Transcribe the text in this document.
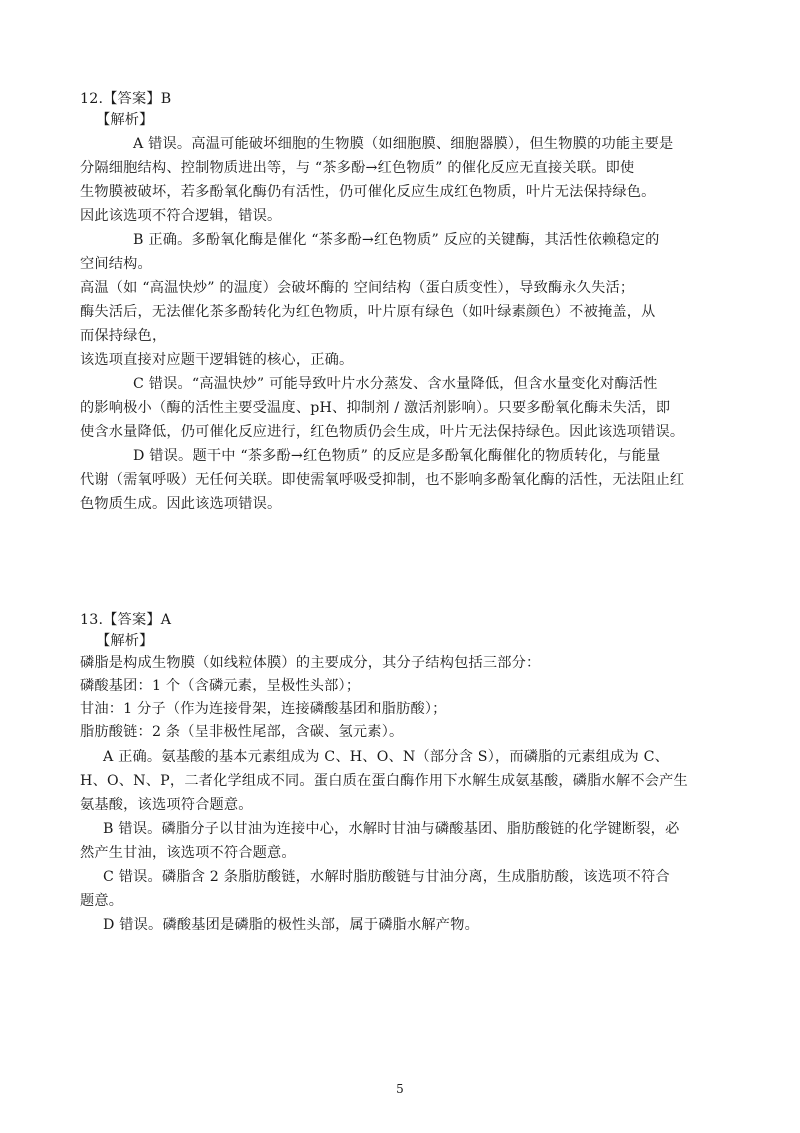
12.【答案】B
【解析】
A 错误。高温可能破坏细胞的生物膜（如细胞膜、细胞器膜），但生物膜的功能主要是
分隔细胞结构、控制物质进出等，与 “茶多酚→红色物质” 的催化反应无直接关联。即使
生物膜被破坏，若多酚氧化酶仍有活性，仍可催化反应生成红色物质，叶片无法保持绿色。
因此该选项不符合逻辑，错误。
B 正确。多酚氧化酶是催化 “茶多酚→红色物质” 反应的关键酶，其活性依赖稳定的
空间结构。
高温（如 “高温快炒” 的温度）会破坏酶的 空间结构（蛋白质变性），导致酶永久失活；
酶失活后，无法催化茶多酚转化为红色物质，叶片原有绿色（如叶绿素颜色）不被掩盖，从
而保持绿色，
该选项直接对应题干逻辑链的核心，正确。
C 错误。“高温快炒” 可能导致叶片水分蒸发、含水量降低，但含水量变化对酶活性
的影响极小（酶的活性主要受温度、pH、抑制剂 / 激活剂影响）。只要多酚氧化酶未失活，即
使含水量降低，仍可催化反应进行，红色物质仍会生成，叶片无法保持绿色。因此该选项错误。
D 错误。题干中 “茶多酚→红色物质” 的反应是多酚氧化酶催化的物质转化，与能量
代谢（需氧呼吸）无任何关联。即使需氧呼吸受抑制，也不影响多酚氧化酶的活性，无法阻止红
色物质生成。因此该选项错误。
13.【答案】A
【解析】
磷脂是构成生物膜（如线粒体膜）的主要成分，其分子结构包括三部分：
磷酸基团：1 个（含磷元素，呈极性头部）；
甘油：1 分子（作为连接骨架，连接磷酸基团和脂肪酸）；
脂肪酸链：2 条（呈非极性尾部，含碳、氢元素）。
A 正确。氨基酸的基本元素组成为 C、H、O、N（部分含 S），而磷脂的元素组成为 C、
H、O、N、P，二者化学组成不同。蛋白质在蛋白酶作用下水解生成氨基酸，磷脂水解不会产生
氨基酸，该选项符合题意。
B 错误。磷脂分子以甘油为连接中心，水解时甘油与磷酸基团、脂肪酸链的化学键断裂，必
然产生甘油，该选项不符合题意。
C 错误。磷脂含 2 条脂肪酸链，水解时脂肪酸链与甘油分离，生成脂肪酸，该选项不符合
题意。
D 错误。磷酸基团是磷脂的极性头部，属于磷脂水解产物。
5
